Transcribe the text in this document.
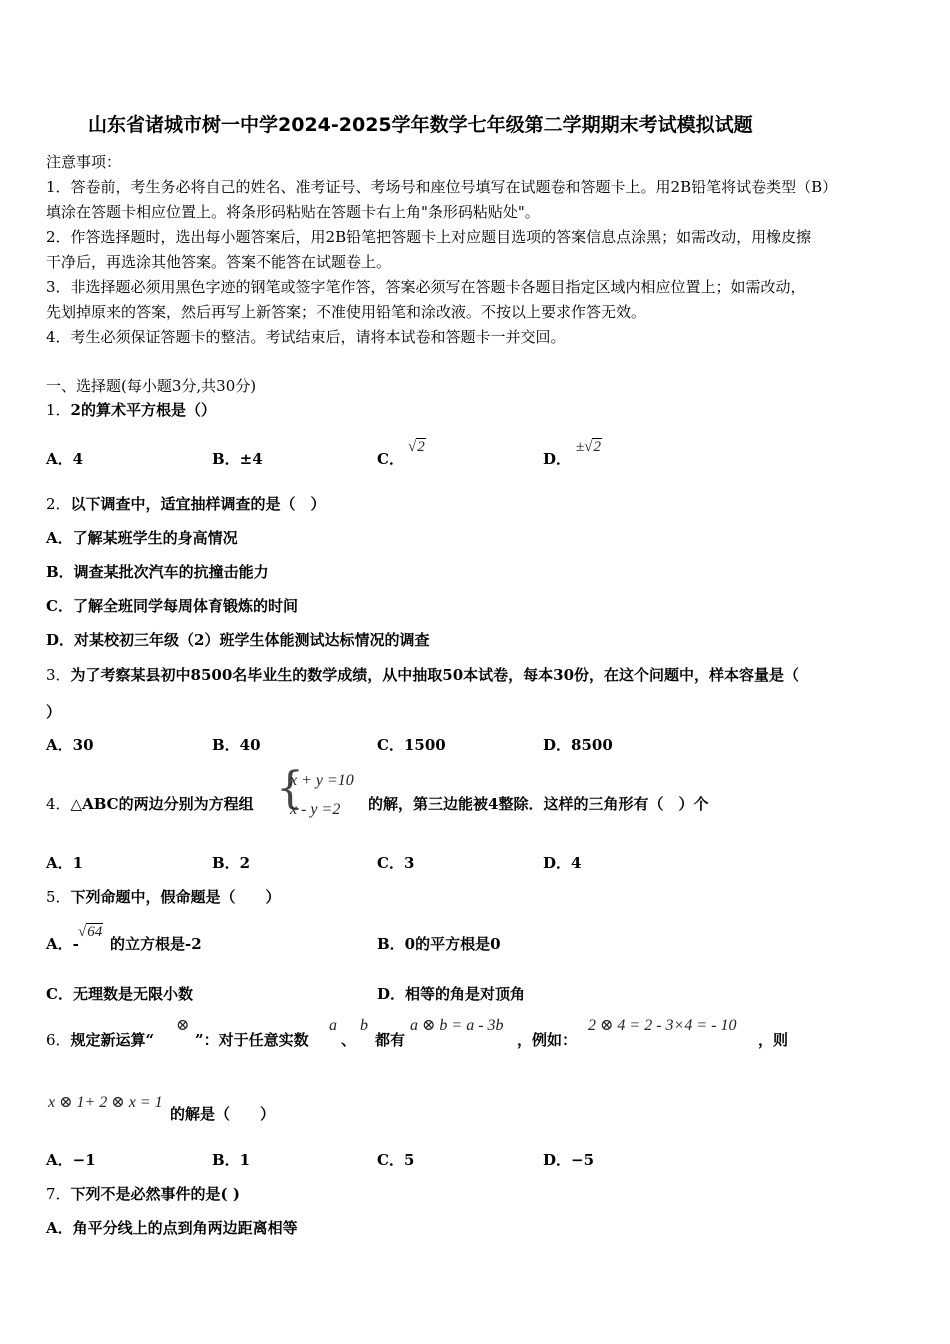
山东省诸城市树一中学2024-2025学年数学七年级第二学期期末考试模拟试题
注意事项：
1．答卷前，考生务必将自己的姓名、准考证号、考场号和座位号填写在试题卷和答题卡上。用2B铅笔将试卷类型（B）
填涂在答题卡相应位置上。将条形码粘贴在答题卡右上角"条形码粘贴处"。
2．作答选择题时，选出每小题答案后，用2B铅笔把答题卡上对应题目选项的答案信息点涂黑；如需改动，用橡皮擦
干净后，再选涂其他答案。答案不能答在试题卷上。
3．非选择题必须用黑色字迹的钢笔或签字笔作答，答案必须写在答题卡各题目指定区域内相应位置上；如需改动，
先划掉原来的答案，然后再写上新答案；不准使用铅笔和涂改液。不按以上要求作答无效。
4．考生必须保证答题卡的整洁。考试结束后，请将本试卷和答题卡一并交回。
一、选择题(每小题3分,共30分)
1．2的算术平方根是（）
A．4	B．±4	C．
√2
D．
±√2
2．以下调查中，适宜抽样调查的是（　）
A．了解某班学生的身高情况
B．调查某批次汽车的抗撞击能力
C．了解全班同学每周体育锻炼的时间
D．对某校初三年级（2）班学生体能测试达标情况的调查
3．为了考察某县初中8500名毕业生的数学成绩，从中抽取50本试卷，每本30份，在这个问题中，样本容量是（
）
A．30	B．40	C．1500	D．8500
4．△ABC的两边分别为方程组 {
x + y =10
x - y =2 的解，第三边能被4整除．这样的三角形有（　）个
A．1	B．2	C．3	D．4
5．下列命题中，假命题是（　　）
A．-
√64
的立方根是-2	B．0的平方根是0
C．无理数是无限小数	D．相等的角是对顶角
6．规定新运算“
⊗
”：对于任意实数
a
、
b
都有
a ⊗ b = a - 3b
，例如：
2 ⊗ 4 = 2 - 3×4 = - 10
，则
x ⊗ 1+ 2 ⊗ x = 1
的解是（　　）
A．−1	B．1	C．5	D．−5
7．下列不是必然事件的是( )
A．角平分线上的点到角两边距离相等
